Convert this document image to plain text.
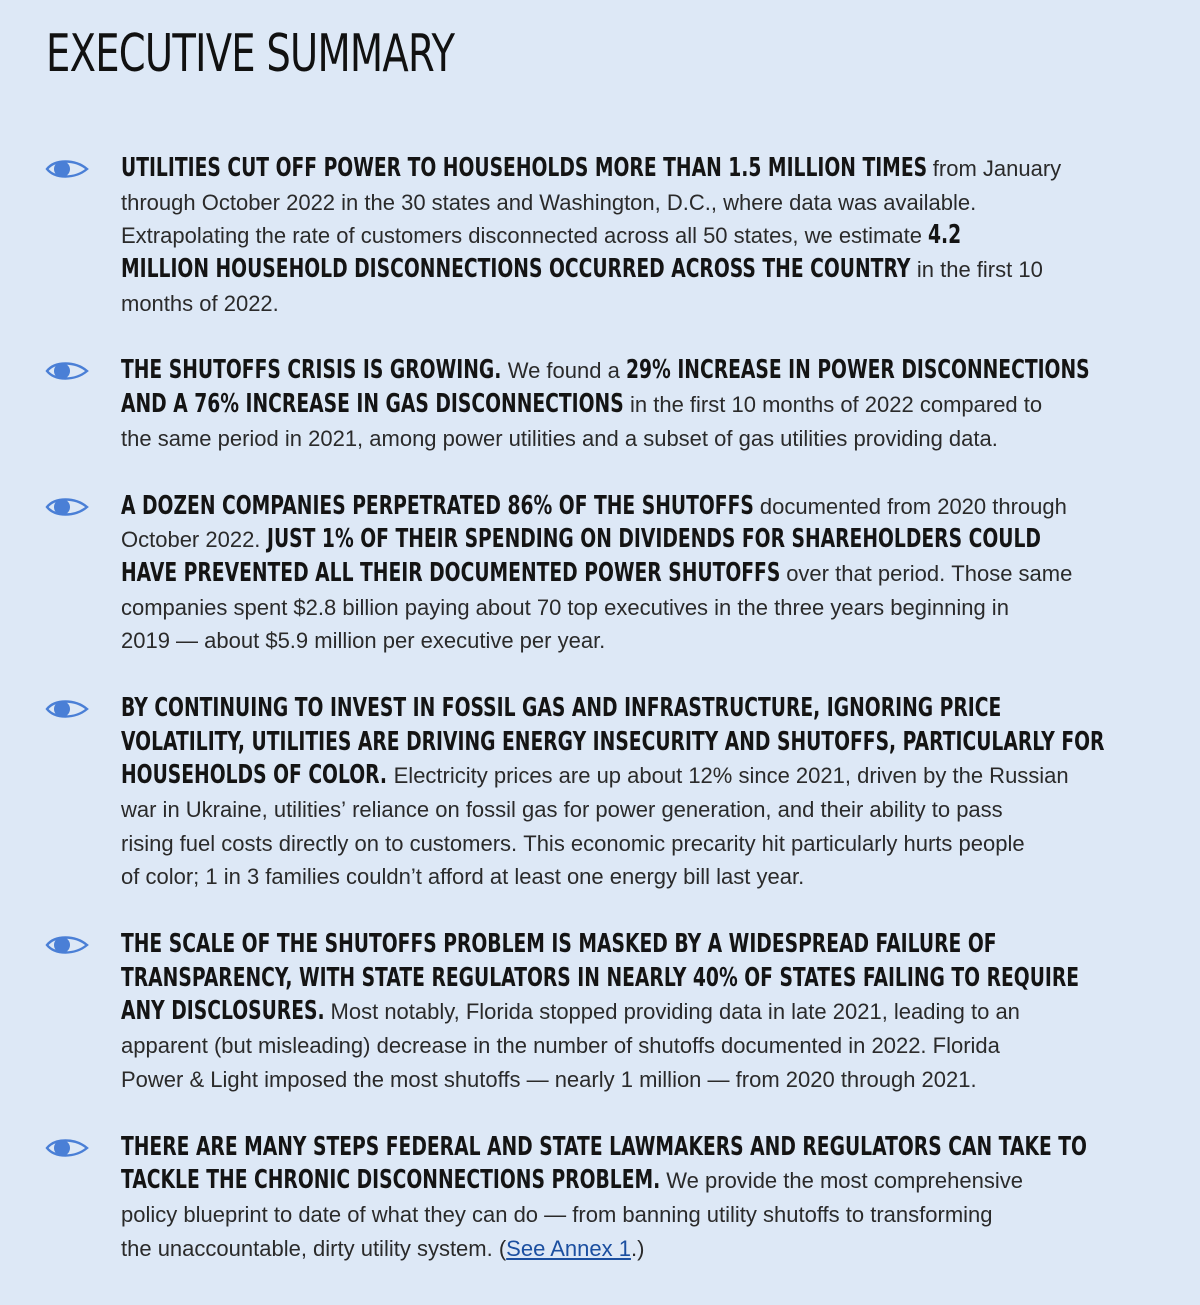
EXECUTIVE SUMMARY
UTILITIES CUT OFF POWER TO HOUSEHOLDS MORE THAN 1.5 MILLION TIMES from January
through October 2022 in the 30 states and Washington, D.C., where data was available.
Extrapolating the rate of customers disconnected across all 50 states, we estimate 4.2
MILLION HOUSEHOLD DISCONNECTIONS OCCURRED ACROSS THE COUNTRY in the first 10
months of 2022.
THE SHUTOFFS CRISIS IS GROWING. We found a 29% INCREASE IN POWER DISCONNECTIONS
AND A 76% INCREASE IN GAS DISCONNECTIONS in the first 10 months of 2022 compared to
the same period in 2021, among power utilities and a subset of gas utilities providing data.
A DOZEN COMPANIES PERPETRATED 86% OF THE SHUTOFFS documented from 2020 through
October 2022. JUST 1% OF THEIR SPENDING ON DIVIDENDS FOR SHAREHOLDERS COULD
HAVE PREVENTED ALL THEIR DOCUMENTED POWER SHUTOFFS over that period. Those same
companies spent $2.8 billion paying about 70 top executives in the three years beginning in
2019 — about $5.9 million per executive per year.
BY CONTINUING TO INVEST IN FOSSIL GAS AND INFRASTRUCTURE, IGNORING PRICE
VOLATILITY, UTILITIES ARE DRIVING ENERGY INSECURITY AND SHUTOFFS, PARTICULARLY FOR
HOUSEHOLDS OF COLOR. Electricity prices are up about 12% since 2021, driven by the Russian
war in Ukraine, utilities’ reliance on fossil gas for power generation, and their ability to pass
rising fuel costs directly on to customers. This economic precarity hit particularly hurts people
of color; 1 in 3 families couldn’t afford at least one energy bill last year.
THE SCALE OF THE SHUTOFFS PROBLEM IS MASKED BY A WIDESPREAD FAILURE OF
TRANSPARENCY, WITH STATE REGULATORS IN NEARLY 40% OF STATES FAILING TO REQUIRE
ANY DISCLOSURES. Most notably, Florida stopped providing data in late 2021, leading to an
apparent (but misleading) decrease in the number of shutoffs documented in 2022. Florida
Power & Light imposed the most shutoffs — nearly 1 million — from 2020 through 2021.
THERE ARE MANY STEPS FEDERAL AND STATE LAWMAKERS AND REGULATORS CAN TAKE TO
TACKLE THE CHRONIC DISCONNECTIONS PROBLEM. We provide the most comprehensive
policy blueprint to date of what they can do — from banning utility shutoffs to transforming
the unaccountable, dirty utility system. (See Annex 1.)
